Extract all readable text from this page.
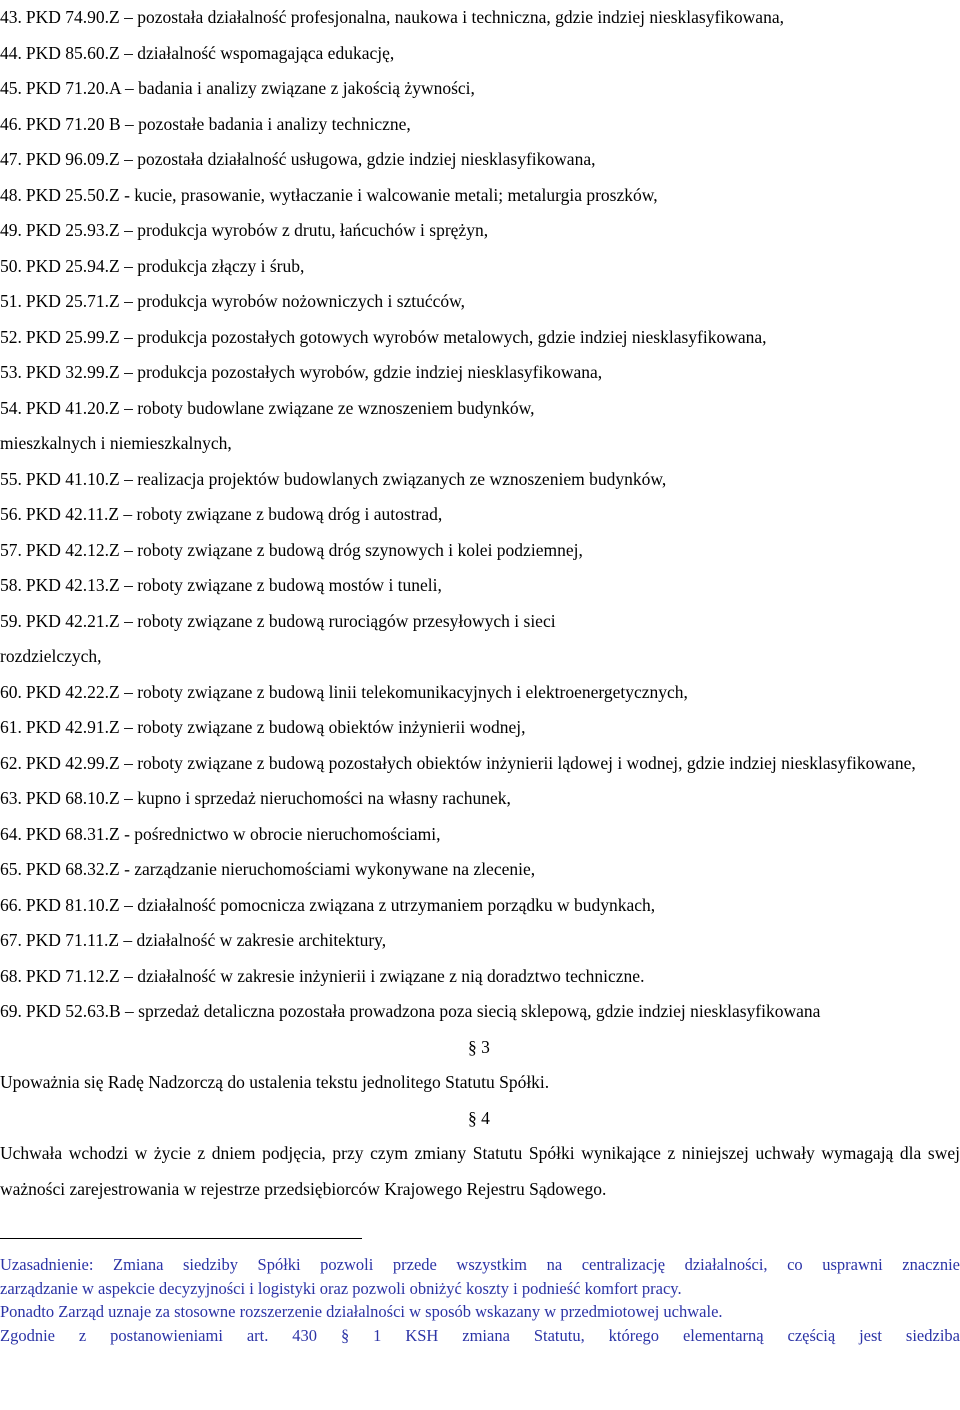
43. PKD 74.90.Z – pozostała działalność profesjonalna, naukowa i techniczna, gdzie indziej niesklasyfikowana,
44. PKD 85.60.Z – działalność wspomagająca edukację,
45. PKD 71.20.A – badania i analizy związane z jakością żywności,
46. PKD 71.20 B – pozostałe badania i analizy techniczne,
47. PKD 96.09.Z – pozostała działalność usługowa, gdzie indziej niesklasyfikowana,
48. PKD 25.50.Z - kucie, prasowanie, wytłaczanie i walcowanie metali; metalurgia proszków,
49. PKD 25.93.Z – produkcja wyrobów z drutu, łańcuchów i sprężyn,
50. PKD 25.94.Z – produkcja złączy i śrub,
51. PKD 25.71.Z – produkcja wyrobów nożowniczych i sztućców,
52. PKD 25.99.Z – produkcja pozostałych gotowych wyrobów metalowych, gdzie indziej niesklasyfikowana,
53. PKD 32.99.Z – produkcja pozostałych wyrobów, gdzie indziej niesklasyfikowana,
54. PKD 41.20.Z – roboty budowlane związane ze wznoszeniem budynków,
mieszkalnych i niemieszkalnych,
55. PKD 41.10.Z – realizacja projektów budowlanych związanych ze wznoszeniem budynków,
56. PKD 42.11.Z – roboty związane z budową dróg i autostrad,
57. PKD 42.12.Z – roboty związane z budową dróg szynowych i kolei podziemnej,
58. PKD 42.13.Z – roboty związane z budową mostów i tuneli,
59. PKD 42.21.Z – roboty związane z budową rurociągów przesyłowych i sieci
rozdzielczych,
60. PKD 42.22.Z – roboty związane z budową linii telekomunikacyjnych i elektroenergetycznych,
61. PKD 42.91.Z – roboty związane z budową obiektów inżynierii wodnej,
62. PKD 42.99.Z – roboty związane z budową pozostałych obiektów inżynierii lądowej i wodnej, gdzie indziej niesklasyfikowane,
63. PKD 68.10.Z – kupno i sprzedaż nieruchomości na własny rachunek,
64. PKD 68.31.Z - pośrednictwo w obrocie nieruchomościami,
65. PKD 68.32.Z - zarządzanie nieruchomościami wykonywane na zlecenie,
66. PKD 81.10.Z – działalność pomocnicza związana z utrzymaniem porządku w budynkach,
67. PKD 71.11.Z – działalność w zakresie architektury,
68. PKD 71.12.Z – działalność w zakresie inżynierii i związane z nią doradztwo techniczne.
69. PKD 52.63.B – sprzedaż detaliczna pozostała prowadzona poza siecią sklepową, gdzie indziej niesklasyfikowana

§ 3

Upoważnia się Radę Nadzorczą do ustalenia tekstu jednolitego Statutu Spółki.

§ 4

Uchwała wchodzi w życie z dniem podjęcia, przy czym zmiany Statutu Spółki wynikające z niniejszej uchwały wymagają dla swej ważności zarejestrowania w rejestrze przedsiębiorców Krajowego Rejestru Sądowego.

Uzasadnienie: Zmiana siedziby Spółki pozwoli przede wszystkim na centralizację działalności, co usprawni znacznie
zarządzanie w aspekcie decyzyjności i logistyki oraz pozwoli obniżyć koszty i podnieść komfort pracy.
Ponadto Zarząd uznaje za stosowne rozszerzenie działalności w sposób wskazany w przedmiotowej uchwale.
Zgodnie z postanowieniami art. 430 § 1 KSH zmiana Statutu, którego elementarną częścią jest siedziba
